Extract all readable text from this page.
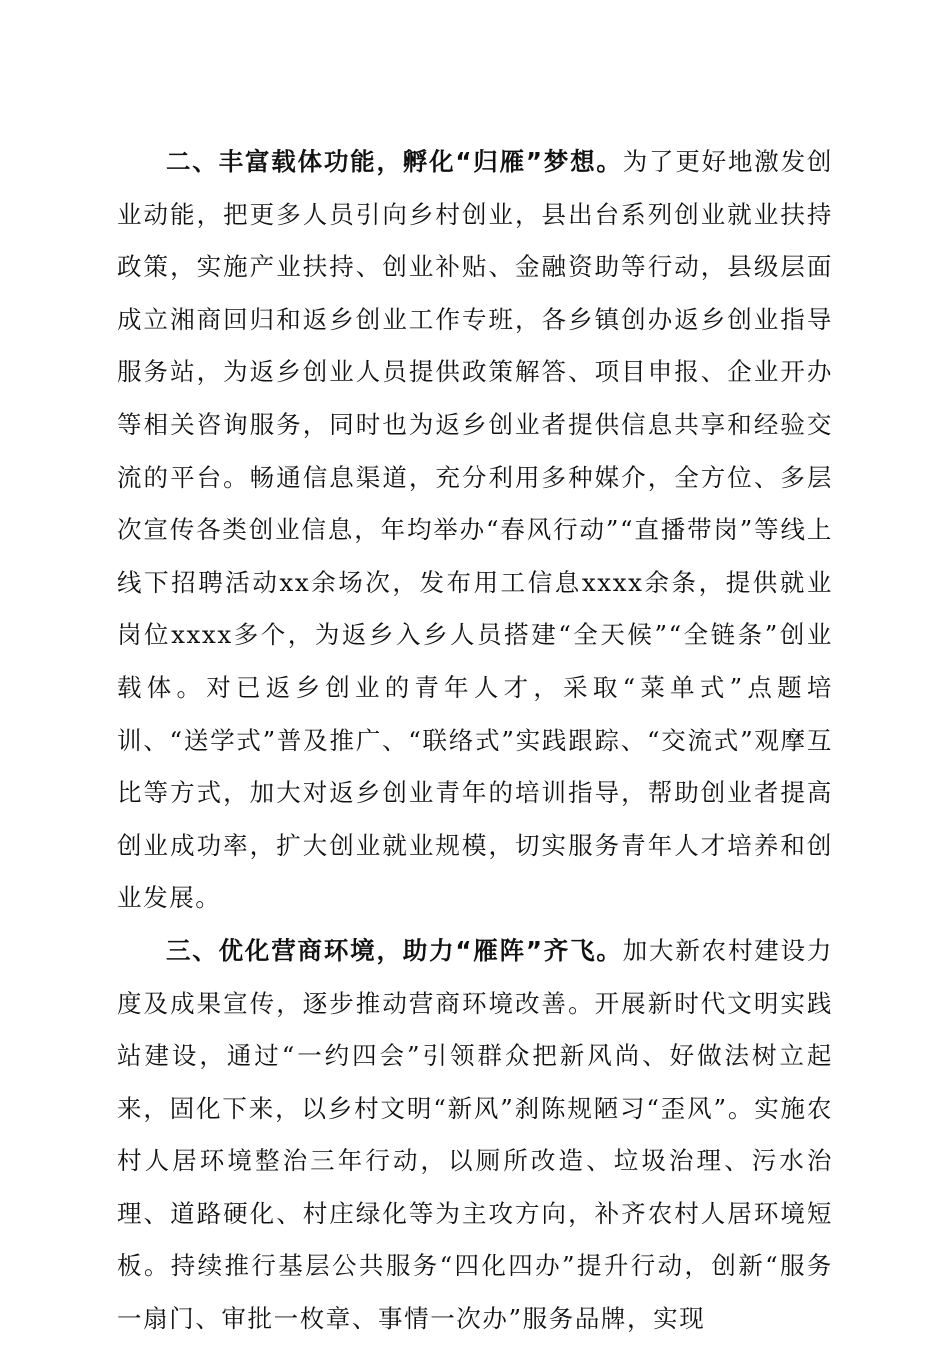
二、丰富载体功能，孵化“归雁”梦想。为了更好地激发创业动能，把更多人员引向乡村创业，县出台系列创业就业扶持政策，实施产业扶持、创业补贴、金融资助等行动，县级层面成立湘商回归和返乡创业工作专班，各乡镇创办返乡创业指导服务站，为返乡创业人员提供政策解答、项目申报、企业开办等相关咨询服务，同时也为返乡创业者提供信息共享和经验交流的平台。畅通信息渠道，充分利用多种媒介，全方位、多层次宣传各类创业信息，年均举办“春风行动”“直播带岗”等线上线下招聘活动xx余场次，发布用工信息xxxx余条，提供就业岗位xxxx多个，为返乡入乡人员搭建“全天候”“全链条”创业载体。对已返乡创业的青年人才，采取“菜单式”点题培训、“送学式”普及推广、“联络式”实践跟踪、“交流式”观摩互比等方式，加大对返乡创业青年的培训指导，帮助创业者提高创业成功率，扩大创业就业规模，切实服务青年人才培养和创业发展。

三、优化营商环境，助力“雁阵”齐飞。加大新农村建设力度及成果宣传，逐步推动营商环境改善。开展新时代文明实践站建设，通过“一约四会”引领群众把新风尚、好做法树立起来，固化下来，以乡村文明“新风”刹陈规陋习“歪风”。实施农村人居环境整治三年行动，以厕所改造、垃圾治理、污水治理、道路硬化、村庄绿化等为主攻方向，补齐农村人居环境短板。持续推行基层公共服务“四化四办”提升行动，创新“服务一扇门、审批一枚章、事情一次办”服务品牌，实现
